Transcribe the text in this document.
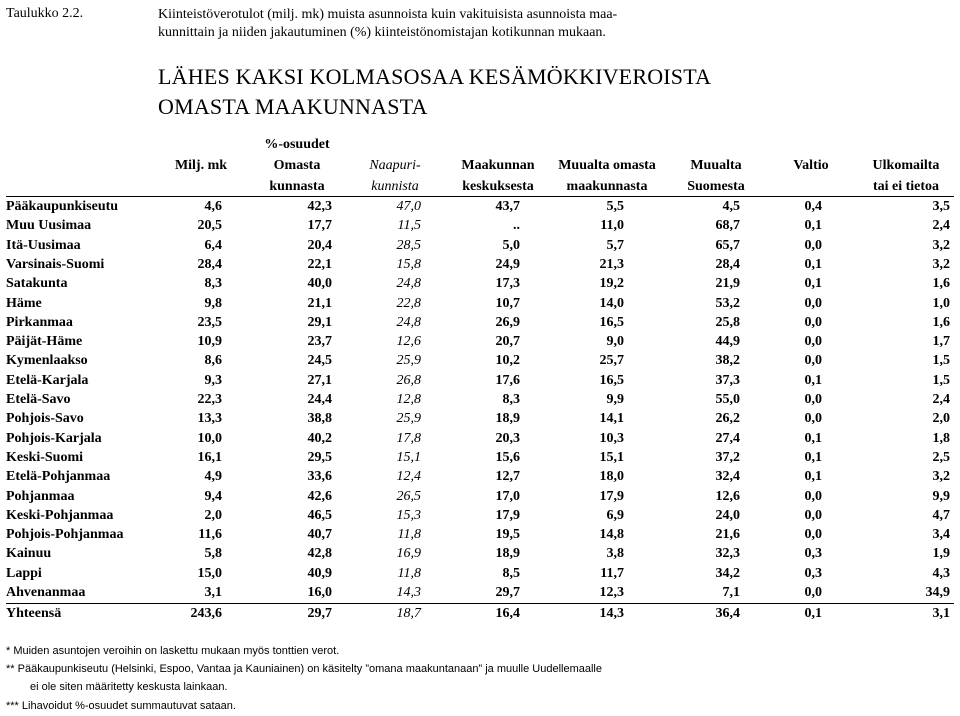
Taulukko 2.2.	Kiinteistöverotulot (milj. mk) muista asunnoista kuin vakituisista asunnoista maa-
kunnittain ja niiden jakautuminen (%) kiinteistönomistajan kotikunnan mukaan.
LÄHES KAKSI KOLMASOSAA KESÄMÖKKIVEROISTA
OMASTA MAAKUNNASTA
%-osuudet
Milj. mk	Omasta
kunnasta
Naapuri-
kunnista
Maakunnan
keskuksesta
Muualta omasta
maakunnasta
Muualta
Suomesta
Valtio	Ulkomailta
tai ei tietoa
Pääkaupunkiseutu	4,6	42,3	47,0	43,7	5,5	4,5	0,4	3,5
Muu Uusimaa	20,5	17,7	11,5	..	11,0	68,7	0,1	2,4
Itä-Uusimaa	6,4	20,4	28,5	5,0	5,7	65,7	0,0	3,2
Varsinais-Suomi	28,4	22,1	15,8	24,9	21,3	28,4	0,1	3,2
Satakunta	8,3	40,0	24,8	17,3	19,2	21,9	0,1	1,6
Häme	9,8	21,1	22,8	10,7	14,0	53,2	0,0	1,0
Pirkanmaa	23,5	29,1	24,8	26,9	16,5	25,8	0,0	1,6
Päijät-Häme	10,9	23,7	12,6	20,7	9,0	44,9	0,0	1,7
Kymenlaakso	8,6	24,5	25,9	10,2	25,7	38,2	0,0	1,5
Etelä-Karjala	9,3	27,1	26,8	17,6	16,5	37,3	0,1	1,5
Etelä-Savo	22,3	24,4	12,8	8,3	9,9	55,0	0,0	2,4
Pohjois-Savo	13,3	38,8	25,9	18,9	14,1	26,2	0,0	2,0
Pohjois-Karjala	10,0	40,2	17,8	20,3	10,3	27,4	0,1	1,8
Keski-Suomi	16,1	29,5	15,1	15,6	15,1	37,2	0,1	2,5
Etelä-Pohjanmaa	4,9	33,6	12,4	12,7	18,0	32,4	0,1	3,2
Pohjanmaa	9,4	42,6	26,5	17,0	17,9	12,6	0,0	9,9
Keski-Pohjanmaa	2,0	46,5	15,3	17,9	6,9	24,0	0,0	4,7
Pohjois-Pohjanmaa	11,6	40,7	11,8	19,5	14,8	21,6	0,0	3,4
Kainuu	5,8	42,8	16,9	18,9	3,8	32,3	0,3	1,9
Lappi	15,0	40,9	11,8	8,5	11,7	34,2	0,3	4,3
Ahvenanmaa	3,1	16,0	14,3	29,7	12,3	7,1	0,0	34,9
Yhteensä	243,6	29,7	18,7	16,4	14,3	36,4	0,1	3,1
* Muiden asuntojen veroihin on laskettu mukaan myös tonttien verot.
** Pääkaupunkiseutu (Helsinki, Espoo, Vantaa ja Kauniainen) on käsitelty ”omana maakuntanaan” ja muulle Uudellemaalle
ei ole siten määritetty keskusta lainkaan.
*** Lihavoidut %-osuudet summautuvat sataan.
